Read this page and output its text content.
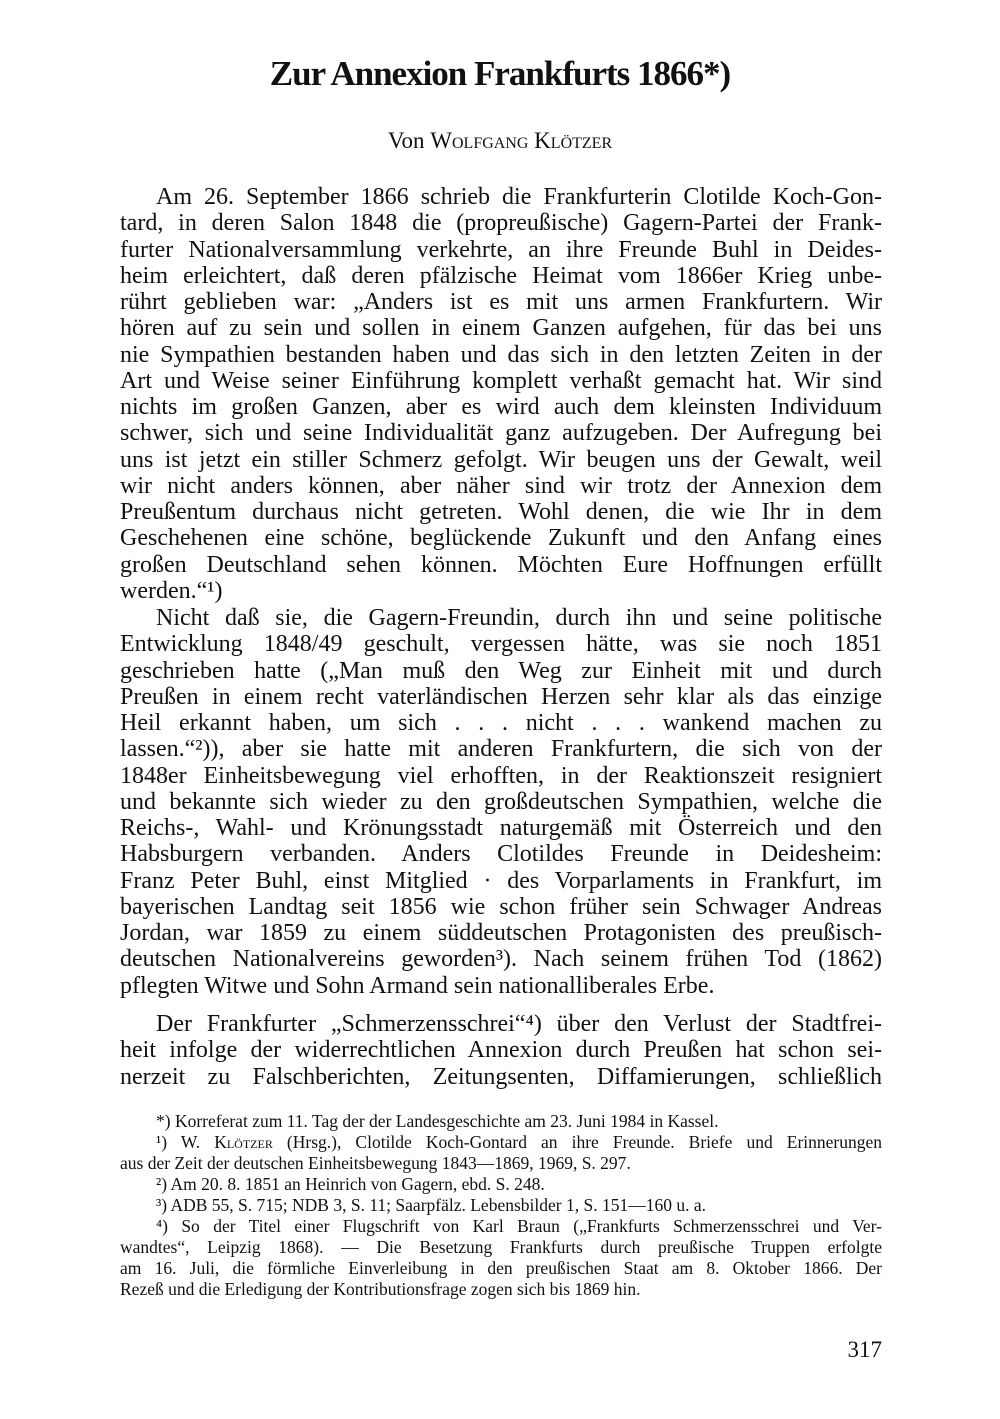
Zur Annexion Frankfurts 1866*)
Von Wolfgang Klötzer
Am 26. September 1866 schrieb die Frankfurterin Clotilde Koch-Gon-
tard, in deren Salon 1848 die (propreußische) Gagern-Partei der Frank-
furter Nationalversammlung verkehrte, an ihre Freunde Buhl in Deides-
heim erleichtert, daß deren pfälzische Heimat vom 1866er Krieg unbe-
rührt geblieben war: „Anders ist es mit uns armen Frankfurtern. Wir
hören auf zu sein und sollen in einem Ganzen aufgehen, für das bei uns
nie Sympathien bestanden haben und das sich in den letzten Zeiten in der
Art und Weise seiner Einführung komplett verhaßt gemacht hat. Wir sind
nichts im großen Ganzen, aber es wird auch dem kleinsten Individuum
schwer, sich und seine Individualität ganz aufzugeben. Der Aufregung bei
uns ist jetzt ein stiller Schmerz gefolgt. Wir beugen uns der Gewalt, weil
wir nicht anders können, aber näher sind wir trotz der Annexion dem
Preußentum durchaus nicht getreten. Wohl denen, die wie Ihr in dem
Geschehenen eine schöne, beglückende Zukunft und den Anfang eines
großen Deutschland sehen können. Möchten Eure Hoffnungen erfüllt
werden.“¹)
Nicht daß sie, die Gagern-Freundin, durch ihn und seine politische
Entwicklung 1848/49 geschult, vergessen hätte, was sie noch 1851
geschrieben hatte („Man muß den Weg zur Einheit mit und durch
Preußen in einem recht vaterländischen Herzen sehr klar als das einzige
Heil erkannt haben, um sich . . . nicht . . . wankend machen zu
lassen.“²)), aber sie hatte mit anderen Frankfurtern, die sich von der
1848er Einheitsbewegung viel erhofften, in der Reaktionszeit resigniert
und bekannte sich wieder zu den großdeutschen Sympathien, welche die
Reichs-, Wahl- und Krönungsstadt naturgemäß mit Österreich und den
Habsburgern verbanden. Anders Clotildes Freunde in Deidesheim:
Franz Peter Buhl, einst Mitglied · des Vorparlaments in Frankfurt, im
bayerischen Landtag seit 1856 wie schon früher sein Schwager Andreas
Jordan, war 1859 zu einem süddeutschen Protagonisten des preußisch-
deutschen Nationalvereins geworden³). Nach seinem frühen Tod (1862)
pflegten Witwe und Sohn Armand sein nationalliberales Erbe.
Der Frankfurter „Schmerzensschrei“⁴) über den Verlust der Stadtfrei-
heit infolge der widerrechtlichen Annexion durch Preußen hat schon sei-
nerzeit zu Falschberichten, Zeitungsenten, Diffamierungen, schließlich
*) Korreferat zum 11. Tag der der Landesgeschichte am 23. Juni 1984 in Kassel.
¹) W. Klötzer (Hrsg.), Clotilde Koch-Gontard an ihre Freunde. Briefe und Erinnerungen
aus der Zeit der deutschen Einheitsbewegung 1843—1869, 1969, S. 297.
²) Am 20. 8. 1851 an Heinrich von Gagern, ebd. S. 248.
³) ADB 55, S. 715; NDB 3, S. 11; Saarpfälz. Lebensbilder 1, S. 151—160 u. a.
⁴) So der Titel einer Flugschrift von Karl Braun („Frankfurts Schmerzensschrei und Ver-
wandtes“, Leipzig 1868). — Die Besetzung Frankfurts durch preußische Truppen erfolgte
am 16. Juli, die förmliche Einverleibung in den preußischen Staat am 8. Oktober 1866. Der
Rezeß und die Erledigung der Kontributionsfrage zogen sich bis 1869 hin.
317
